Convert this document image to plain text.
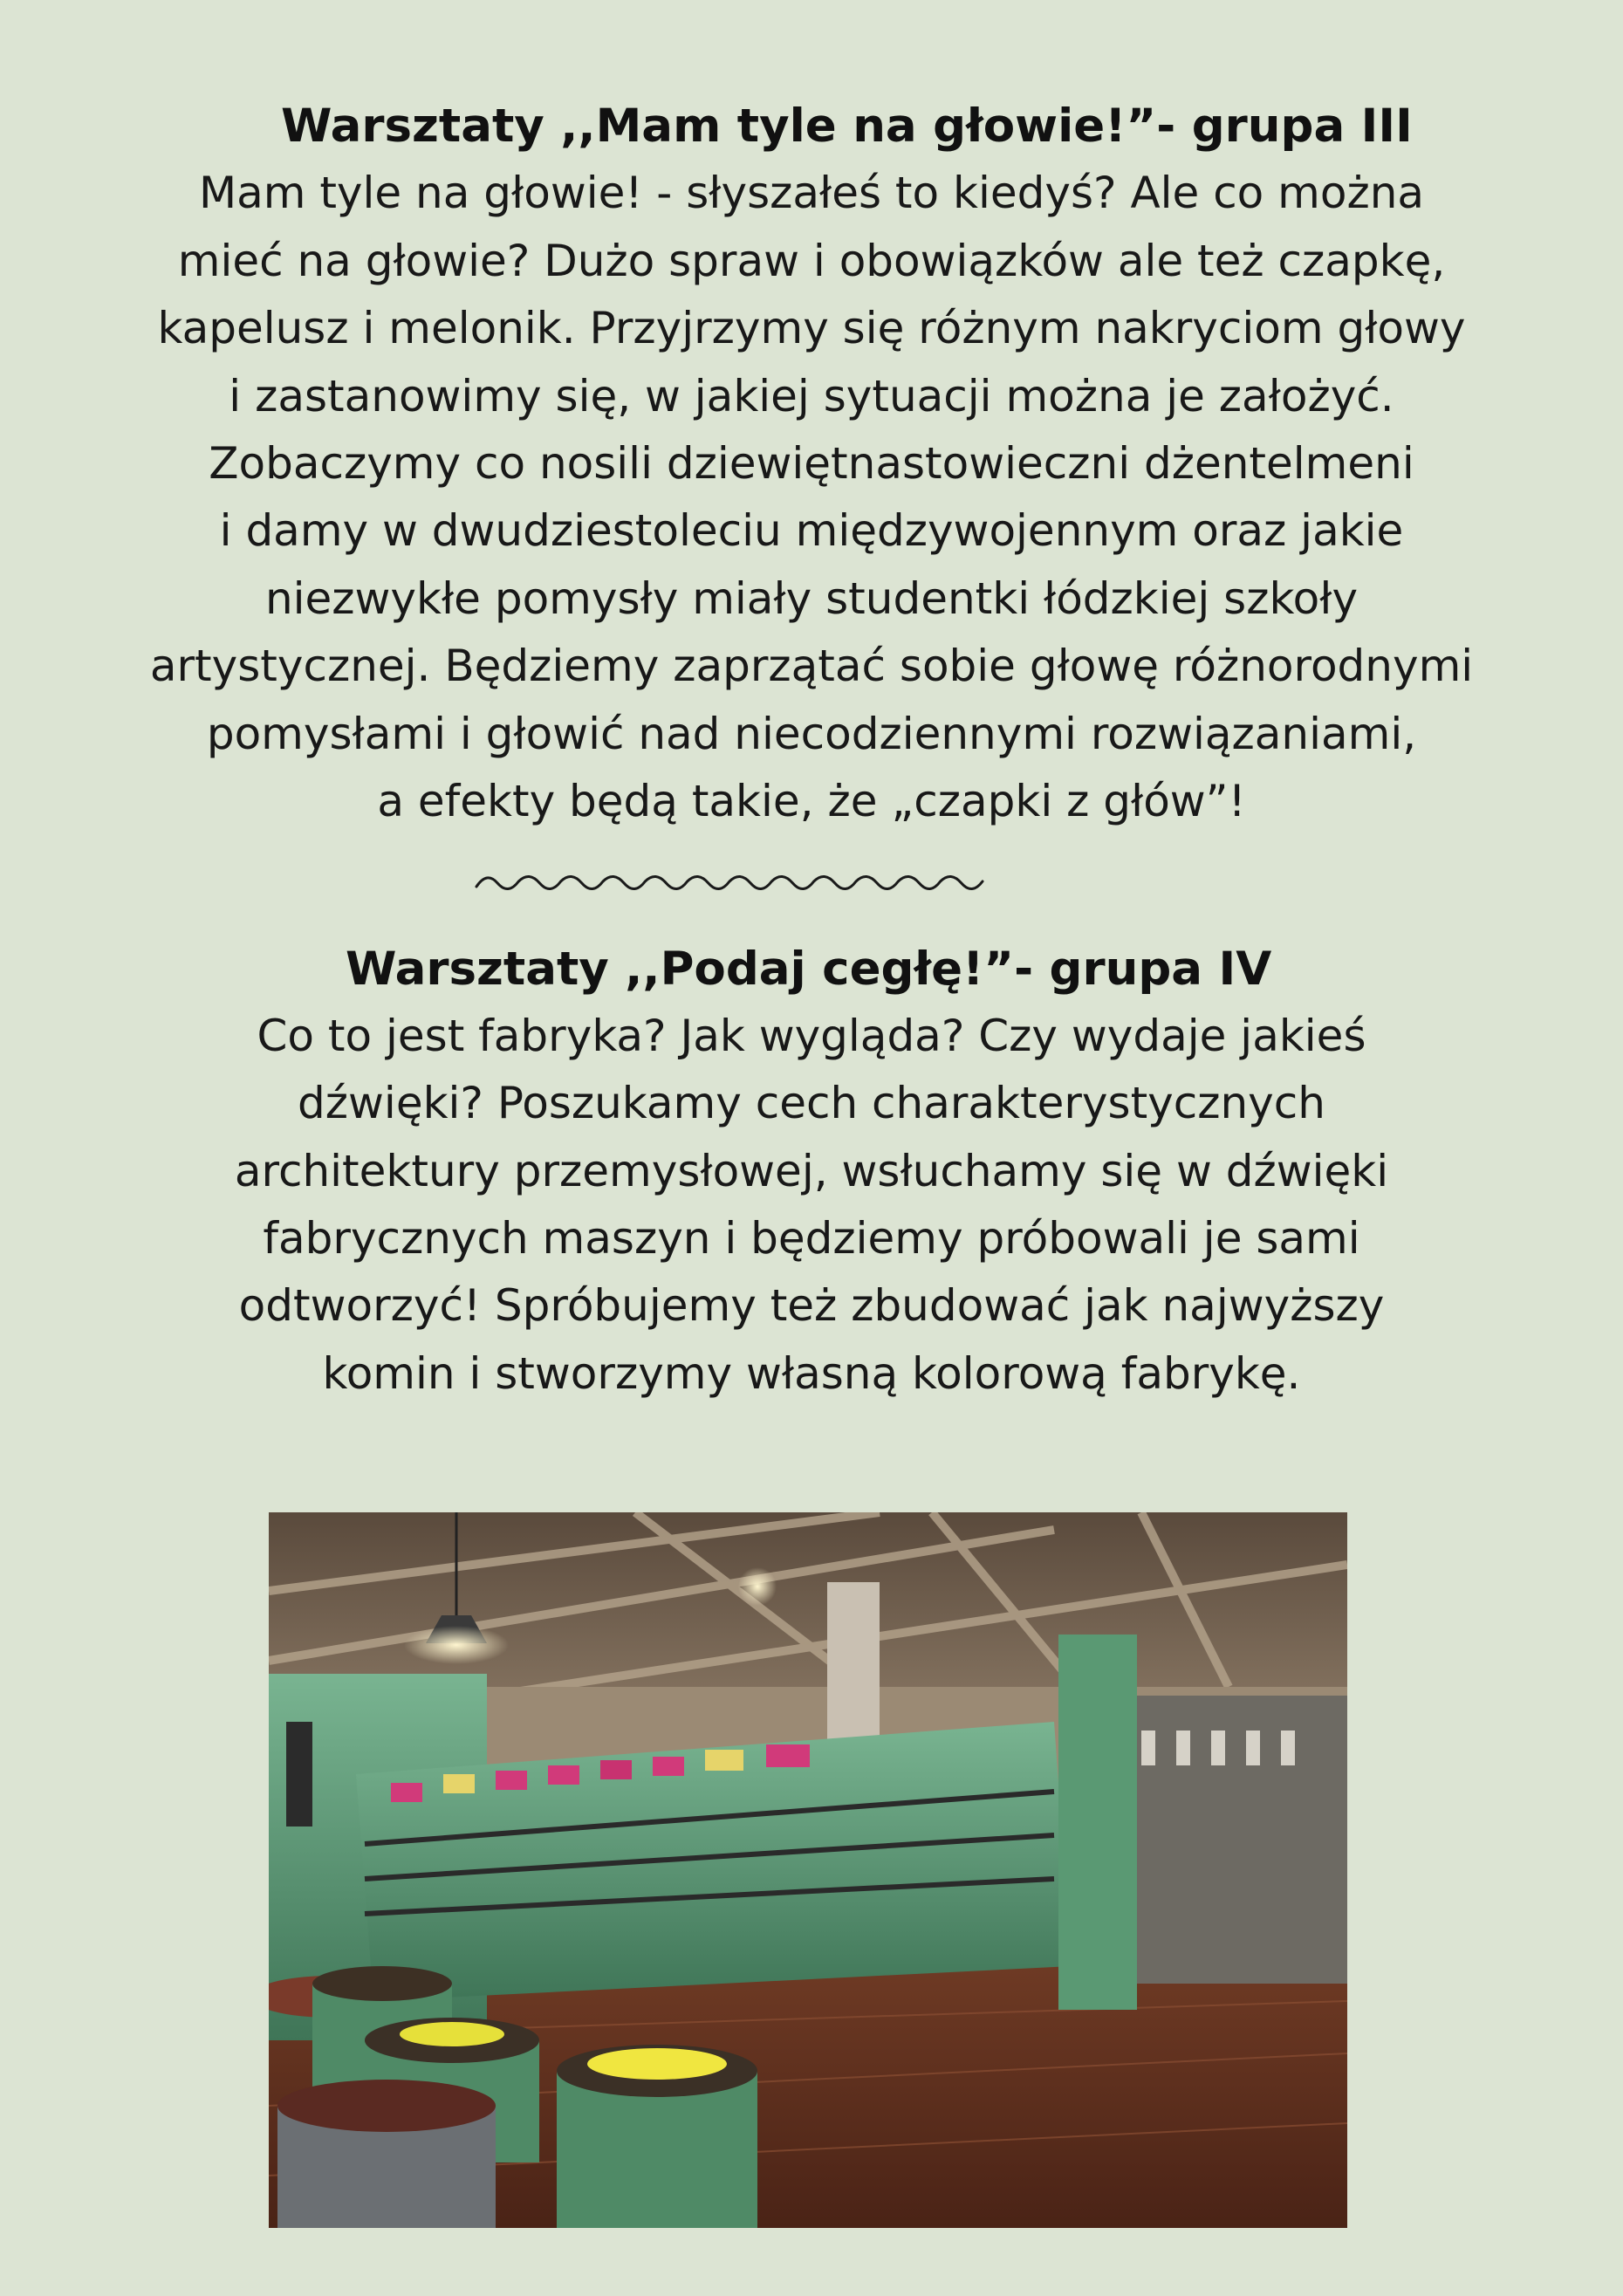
Warsztaty ,,Mam tyle na głowie!”- grupa III

Mam tyle na głowie! - słyszałeś to kiedyś? Ale co można

mieć na głowie? Dużo spraw i obowiązków ale też czapkę,

kapelusz i melonik. Przyjrzymy się różnym nakryciom głowy

i zastanowimy się, w jakiej sytuacji można je założyć.

Zobaczymy co nosili dziewiętnastowieczni dżentelmeni

i damy w dwudziestoleciu międzywojennym oraz jakie

niezwykłe pomysły miały studentki łódzkiej szkoły

artystycznej. Będziemy zaprzątać sobie głowę różnorodnymi

pomysłami i głowić nad niecodziennymi rozwiązaniami,

a efekty będą takie, że „czapki z głów”!

Warsztaty ,,Podaj cegłę!”- grupa IV

Co to jest fabryka? Jak wygląda? Czy wydaje jakieś

dźwięki? Poszukamy cech charakterystycznych

architektury przemysłowej, wsłuchamy się w dźwięki

fabrycznych maszyn i będziemy próbowali je sami

odtworzyć! Spróbujemy też zbudować jak najwyższy

komin i stworzymy własną kolorową fabrykę.
